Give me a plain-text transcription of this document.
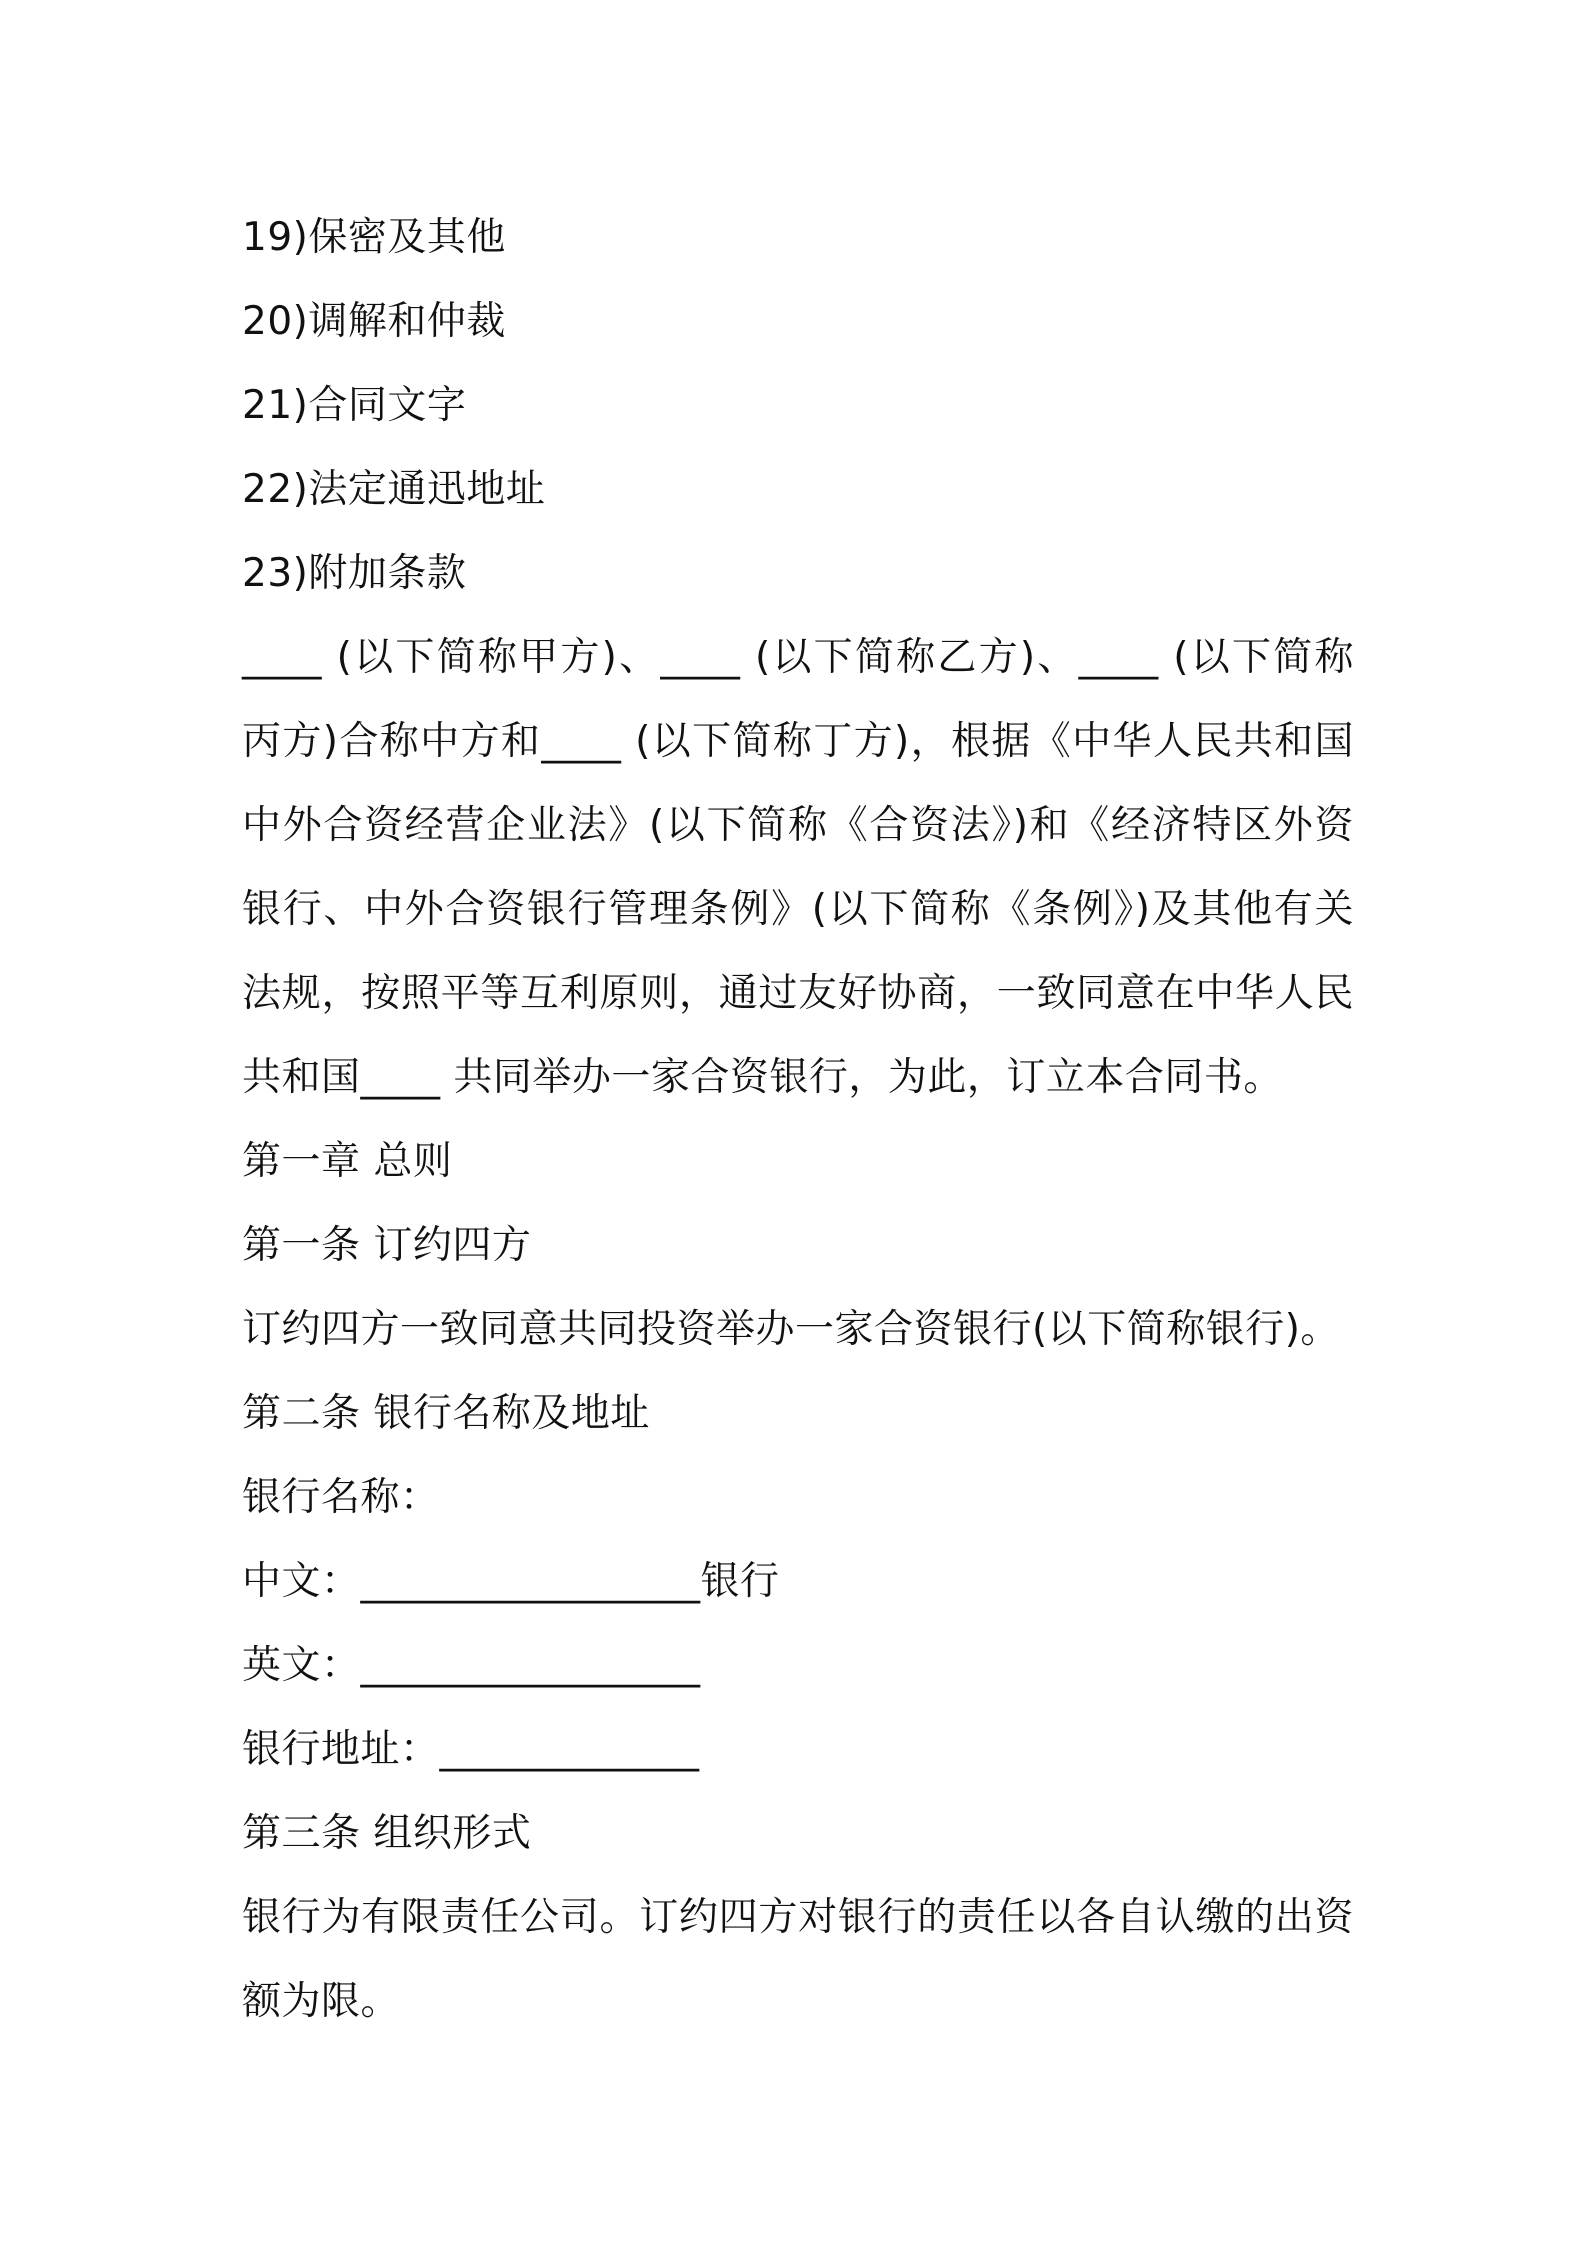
19)保密及其他
20)调解和仲裁
21)合同文字
22)法定通迅地址
23)附加条款
____ (以下简称甲方)、____ (以下简称乙方)、____ (以下简称
丙方)合称中方和____ (以下简称丁方)，根据《中华人民共和国
中外合资经营企业法》(以下简称《合资法》)和《经济特区外资
银行、中外合资银行管理条例》(以下简称《条例》)及其他有关
法规，按照平等互利原则，通过友好协商，一致同意在中华人民
共和国____ 共同举办一家合资银行，为此，订立本合同书。
第一章 总则
第一条 订约四方
订约四方一致同意共同投资举办一家合资银行(以下简称银行)。
第二条 银行名称及地址
银行名称：
中文：_________________银行
英文：_________________
银行地址：_____________
第三条 组织形式
银行为有限责任公司。订约四方对银行的责任以各自认缴的出资
额为限。
